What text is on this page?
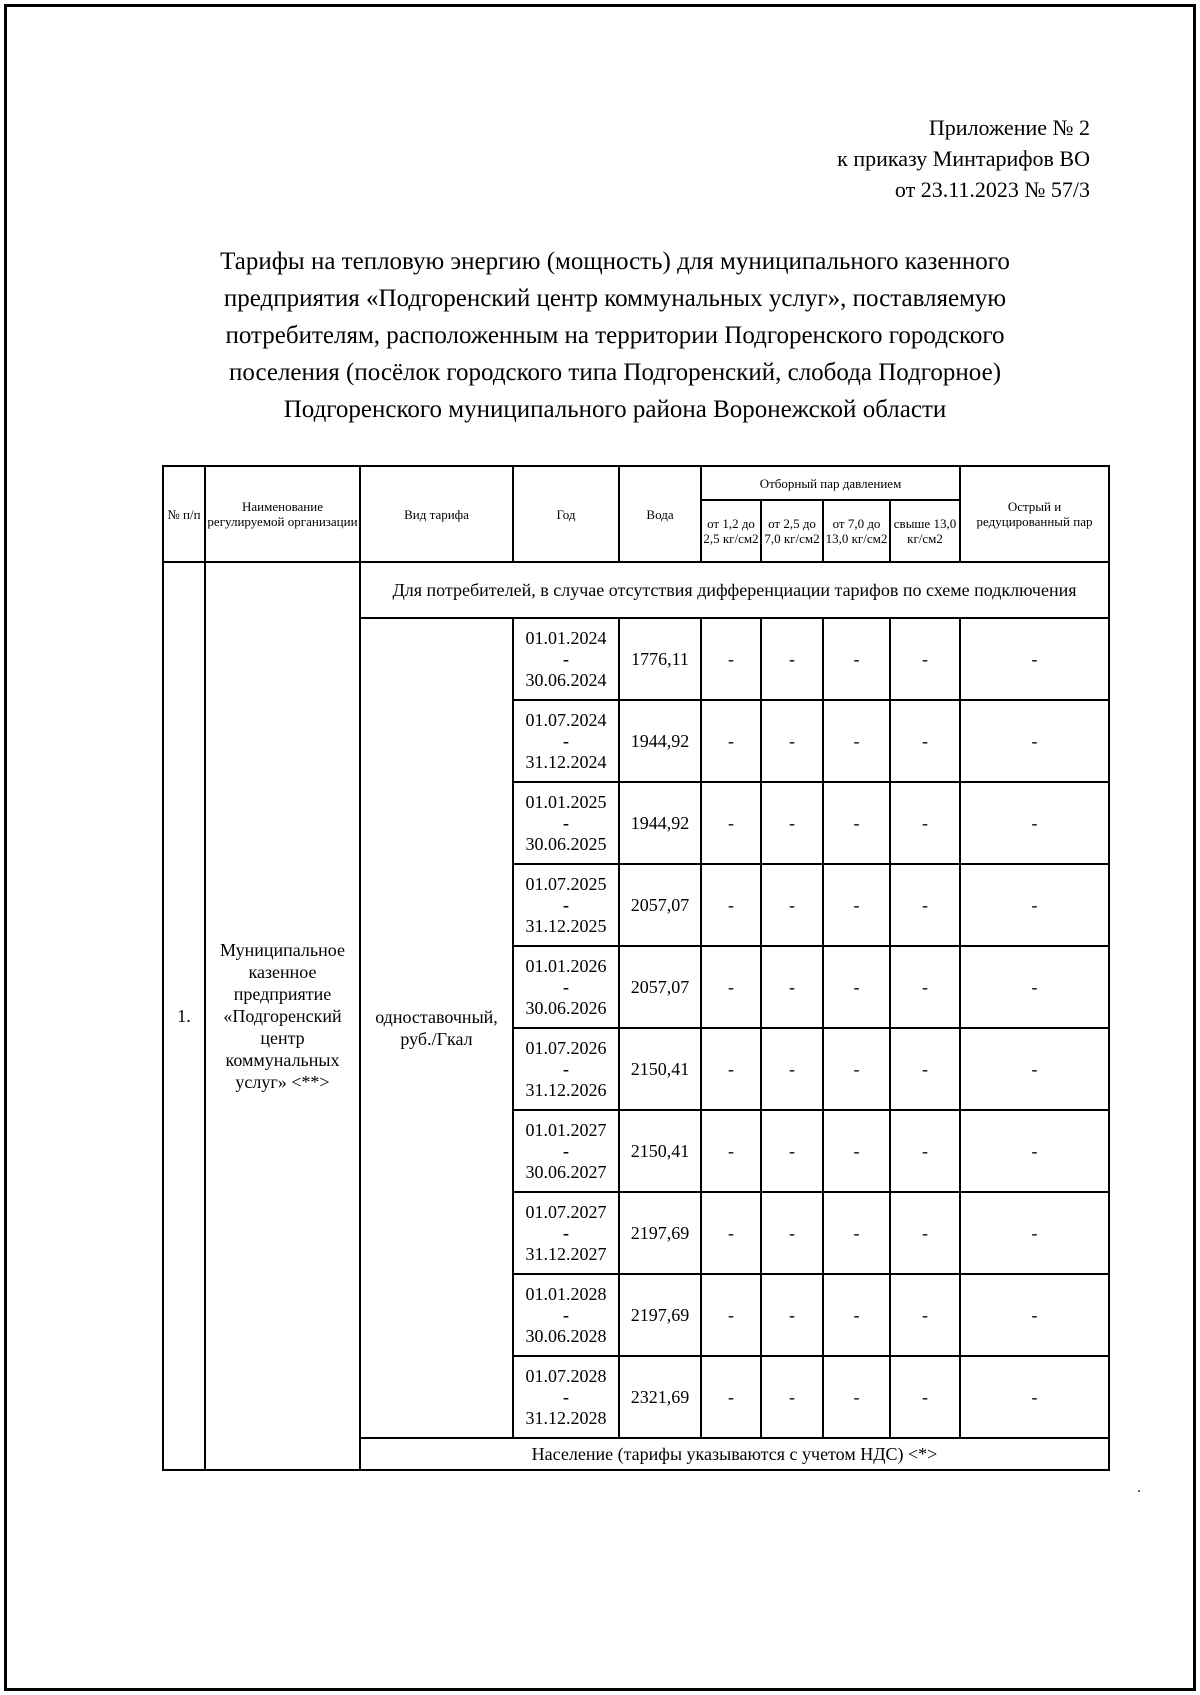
Приложение № 2
к приказу Минтарифов ВО
от 23.11.2023 № 57/3
Тарифы на тепловую энергию (мощность) для муниципального казенного
предприятия «Подгоренский центр коммунальных услуг», поставляемую
потребителям, расположенным на территории Подгоренского городского
поселения (посёлок городского типа Подгоренский, слобода Подгорное)
Подгоренского муниципального района Воронежской области
№ п/п	Наименование регулируемой организации	Вид тарифа	Год	Вода	Отборный пар давлением				Острый и редуцированный пар
					от 1,2 до 2,5 кг/см2	от 2,5 до 7,0 кг/см2	от 7,0 до 13,0 кг/см2	свыше 13,0 кг/см2	
1.	Муниципальное казенное предприятие «Подгоренский центр коммунальных услуг» <**>	Для потребителей, в случае отсутствия дифференциации тарифов по схеме подключения							
		одноставочный, руб./Гкал	01.01.2024
-
30.06.2024	1776,11	-	-	-	-	-

			01.07.2024
-
31.12.2024	1944,92	-	-	-	-	-

			01.01.2025
-
30.06.2025	1944,92	-	-	-	-	-

			01.07.2025
-
31.12.2025	2057,07	-	-	-	-	-

			01.01.2026
-
30.06.2026	2057,07	-	-	-	-	-

			01.07.2026
-
31.12.2026	2150,41	-	-	-	-	-

			01.01.2027
-
30.06.2027	2150,41	-	-	-	-	-

			01.07.2027
-
31.12.2027	2197,69	-	-	-	-	-

			01.01.2028
-
30.06.2028	2197,69	-	-	-	-	-

			01.07.2028
-
31.12.2028	2321,69	-	-	-	-	-
		Население (тарифы указываются с учетом НДС) <*>							
